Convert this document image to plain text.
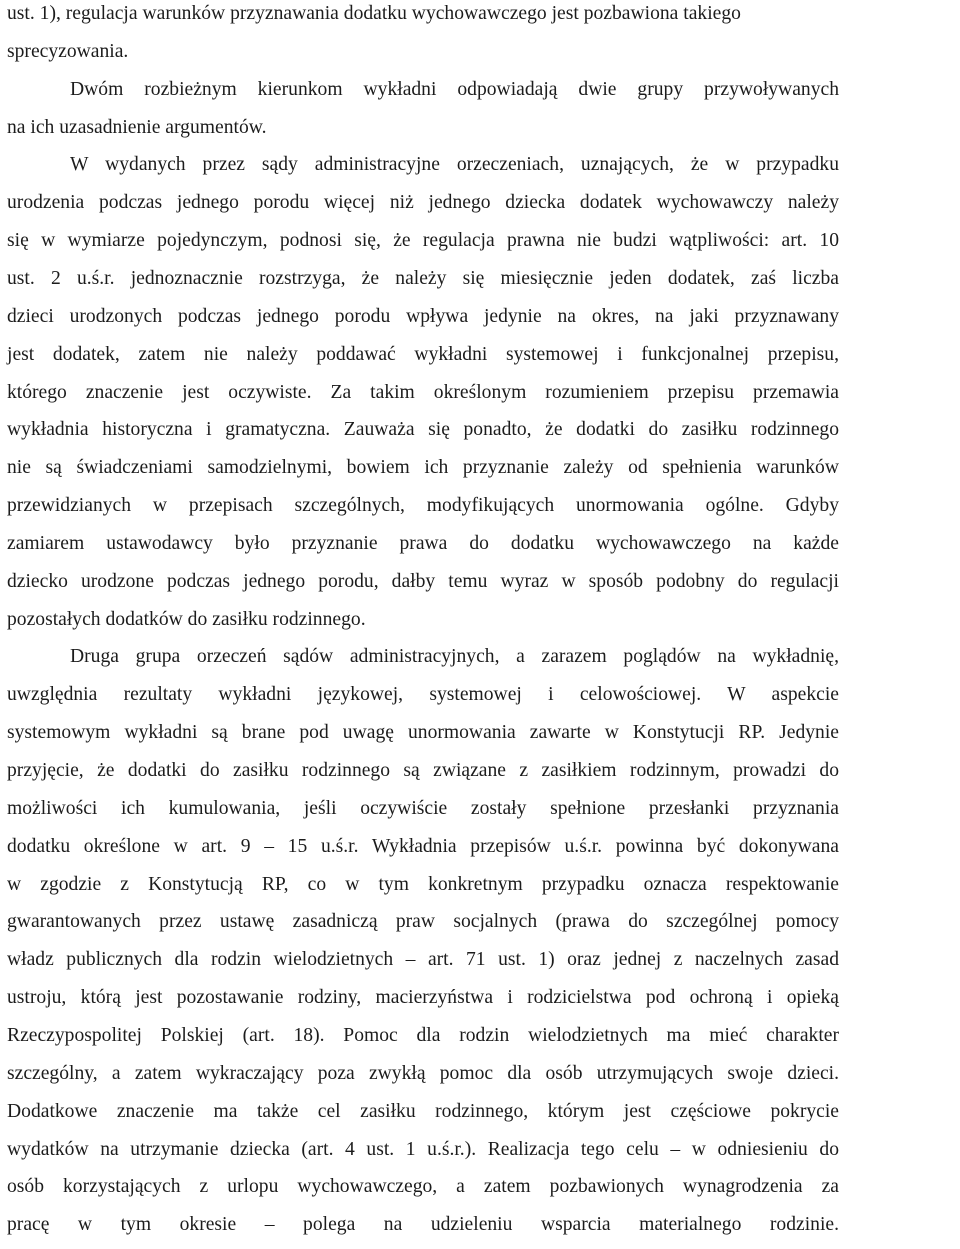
ust. 1), regulacja warunków przyznawania dodatku wychowawczego jest pozbawiona takiego
sprecyzowania.
Dwóm rozbieżnym kierunkom wykładni odpowiadają dwie grupy przywoływanych
na ich uzasadnienie argumentów.
W wydanych przez sądy administracyjne orzeczeniach, uznających, że w przypadku
urodzenia podczas jednego porodu więcej niż jednego dziecka dodatek wychowawczy należy
się w wymiarze pojedynczym, podnosi się, że regulacja prawna nie budzi wątpliwości: art. 10
ust. 2 u.ś.r. jednoznacznie rozstrzyga, że należy się miesięcznie jeden dodatek, zaś liczba
dzieci urodzonych podczas jednego porodu wpływa jedynie na okres, na jaki przyznawany
jest dodatek, zatem nie należy poddawać wykładni systemowej i funkcjonalnej przepisu,
którego znaczenie jest oczywiste. Za takim określonym rozumieniem przepisu przemawia
wykładnia historyczna i gramatyczna. Zauważa się ponadto, że dodatki do zasiłku rodzinnego
nie są świadczeniami samodzielnymi, bowiem ich przyznanie zależy od spełnienia warunków
przewidzianych w przepisach szczególnych, modyfikujących unormowania ogólne. Gdyby
zamiarem ustawodawcy było przyznanie prawa do dodatku wychowawczego na każde
dziecko urodzone podczas jednego porodu, dałby temu wyraz w sposób podobny do regulacji
pozostałych dodatków do zasiłku rodzinnego.
Druga grupa orzeczeń sądów administracyjnych, a zarazem poglądów na wykładnię,
uwzględnia rezultaty wykładni językowej, systemowej i celowościowej. W aspekcie
systemowym wykładni są brane pod uwagę unormowania zawarte w Konstytucji RP. Jedynie
przyjęcie, że dodatki do zasiłku rodzinnego są związane z zasiłkiem rodzinnym, prowadzi do
możliwości ich kumulowania, jeśli oczywiście zostały spełnione przesłanki przyznania
dodatku określone w art. 9 – 15 u.ś.r. Wykładnia przepisów u.ś.r. powinna być dokonywana
w zgodzie z Konstytucją RP, co w tym konkretnym przypadku oznacza respektowanie
gwarantowanych przez ustawę zasadniczą praw socjalnych (prawa do szczególnej pomocy
władz publicznych dla rodzin wielodzietnych – art. 71 ust. 1) oraz jednej z naczelnych zasad
ustroju, którą jest pozostawanie rodziny, macierzyństwa i rodzicielstwa pod ochroną i opieką
Rzeczypospolitej Polskiej (art. 18). Pomoc dla rodzin wielodzietnych ma mieć charakter
szczególny, a zatem wykraczający poza zwykłą pomoc dla osób utrzymujących swoje dzieci.
Dodatkowe znaczenie ma także cel zasiłku rodzinnego, którym jest częściowe pokrycie
wydatków na utrzymanie dziecka (art. 4 ust. 1 u.ś.r.). Realizacja tego celu – w odniesieniu do
osób korzystających z urlopu wychowawczego, a zatem pozbawionych wynagrodzenia za
pracę w tym okresie – polega na udzieleniu wsparcia materialnego rodzinie.
